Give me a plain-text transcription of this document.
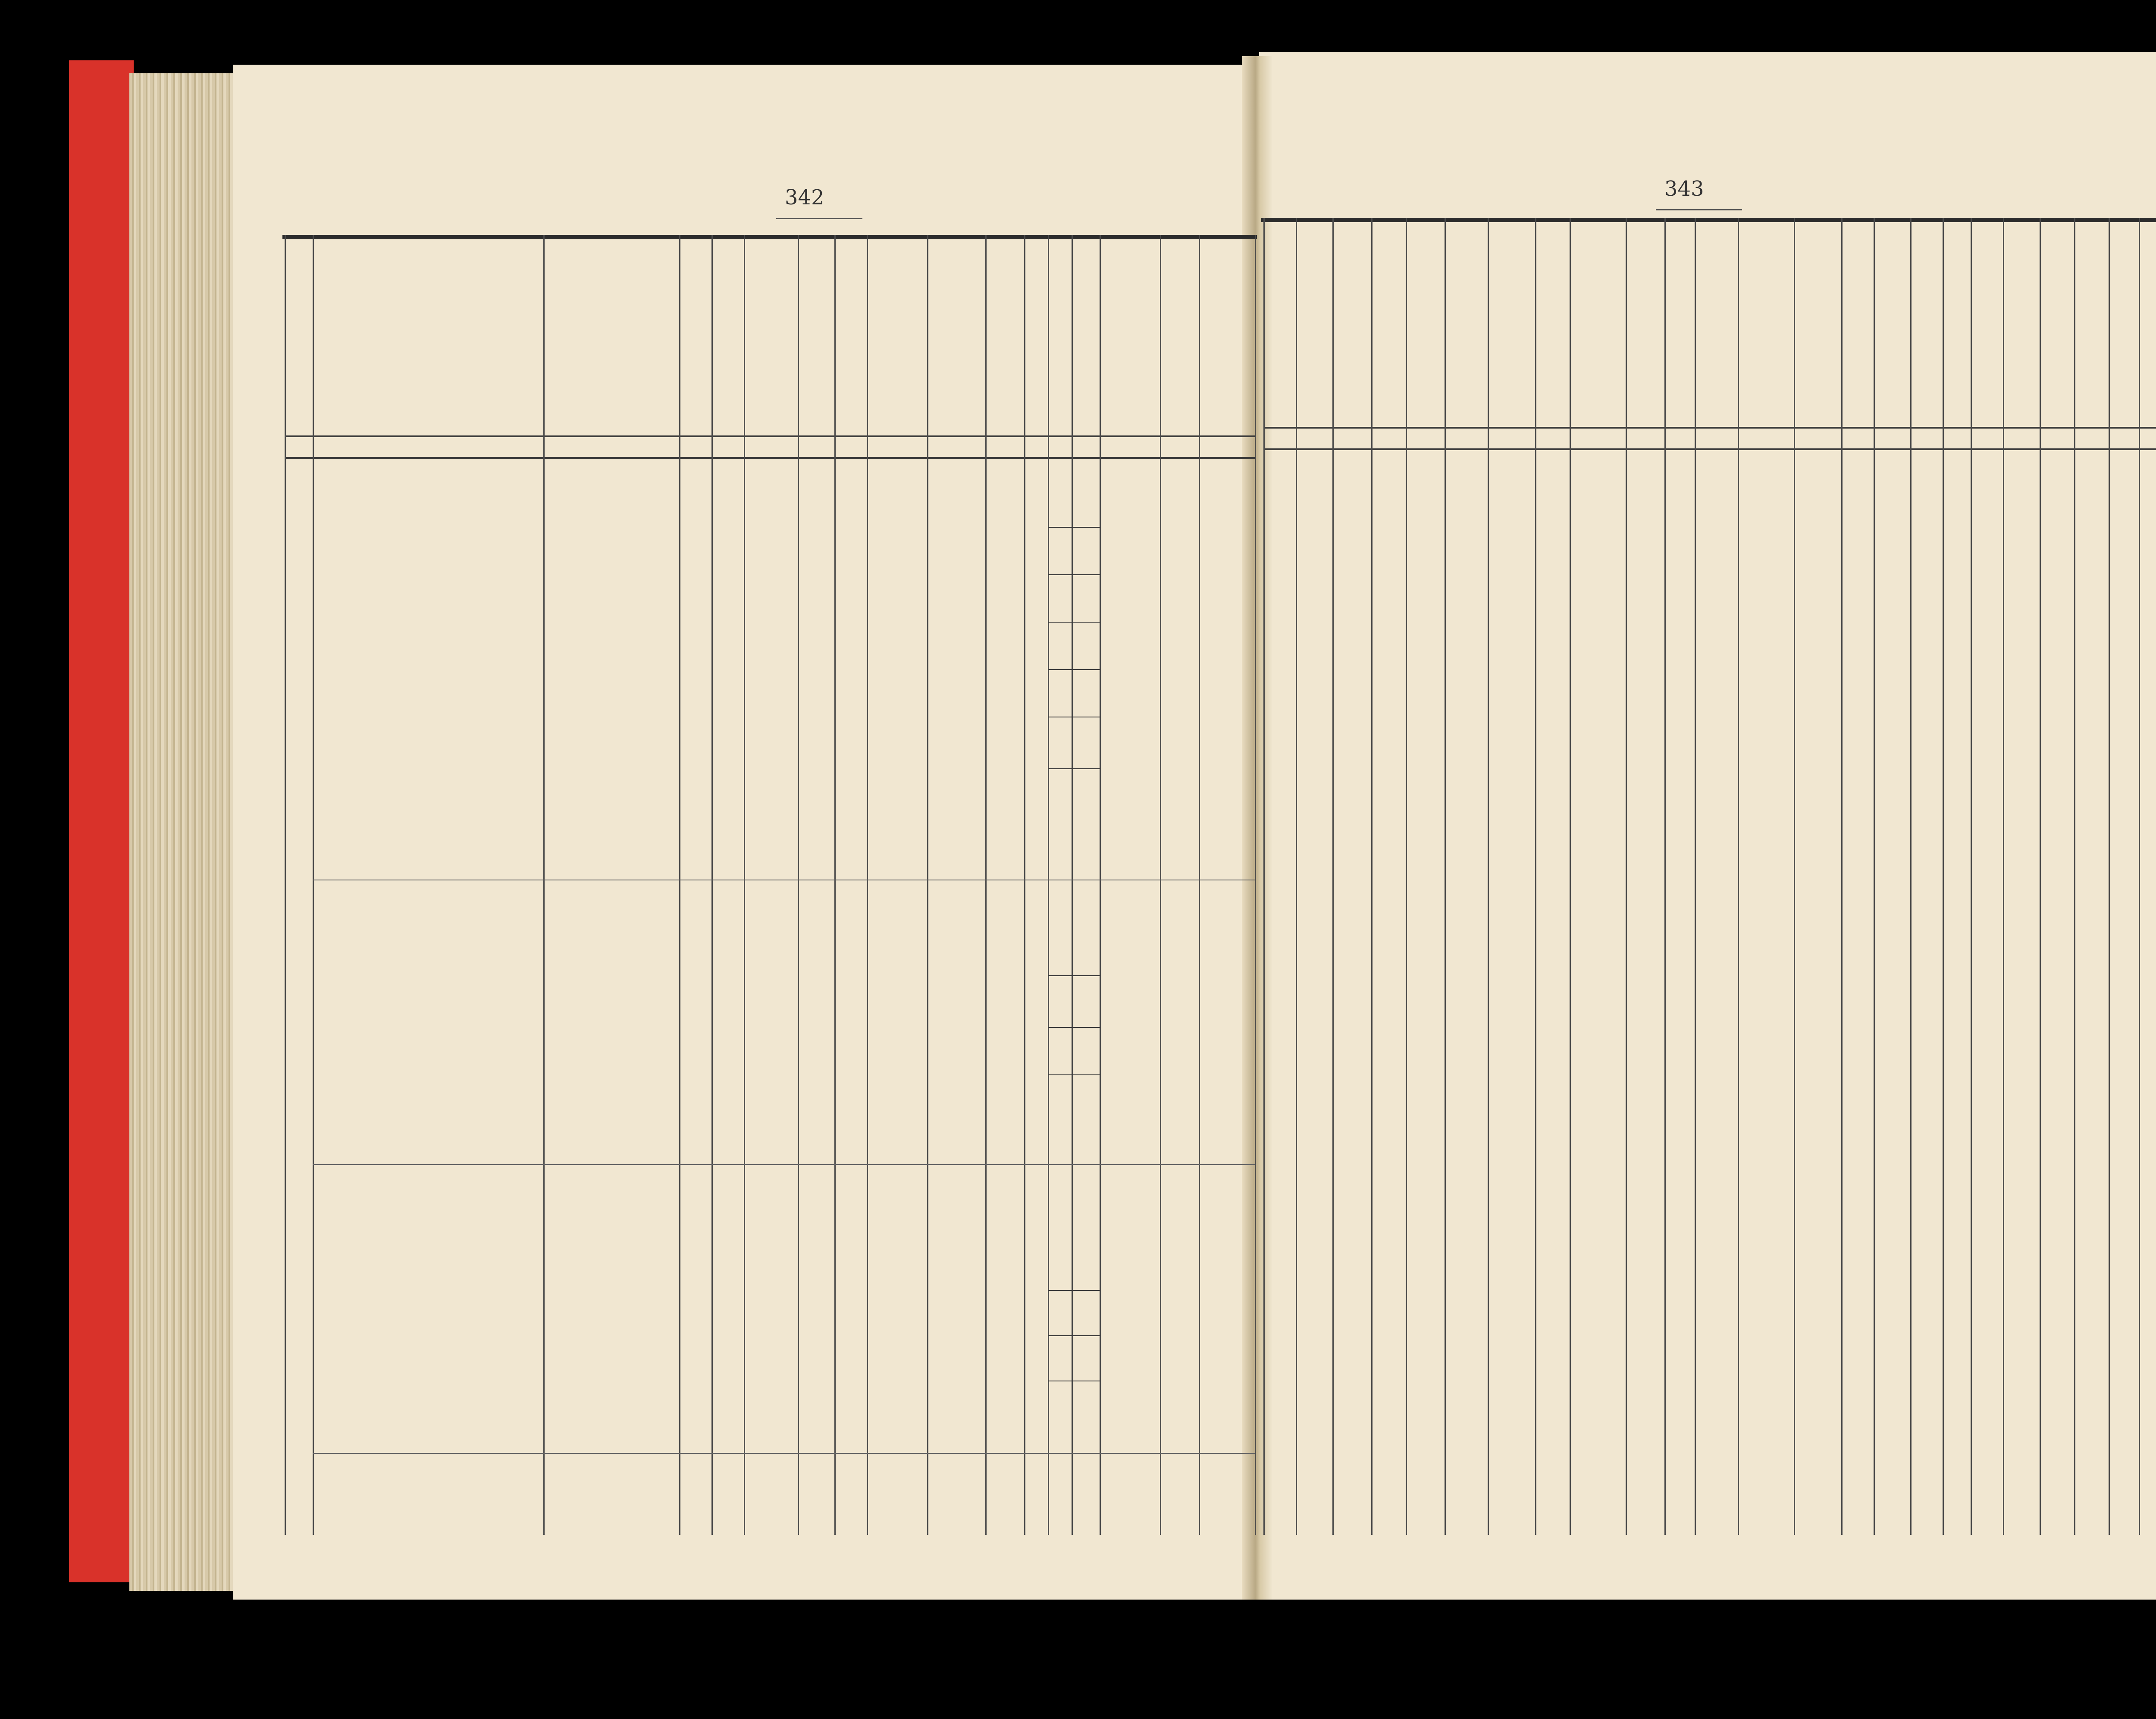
342	343
